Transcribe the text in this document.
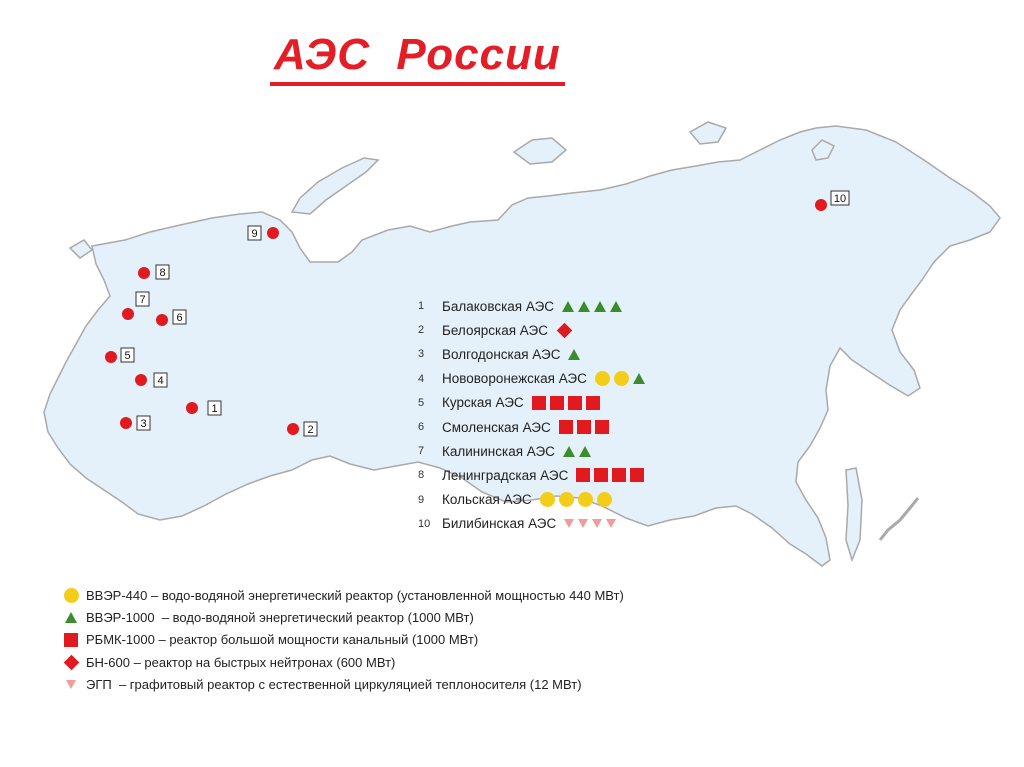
АЭС  России
1
2
3
4
5
6
7
8
9
10
1	Балаковская АЭС
2	Белоярская АЭС
3	Волгодонская АЭС
4	Нововоронежская АЭС
5	Курская АЭС
6	Смоленская АЭС
7	Калининская АЭС
8	Ленинградская АЭС
9	Кольская АЭС
10 Билибинская АЭС
ВВЭР-440 – водо-водяной энергетический реактор (установленной мощностью 440 МВт)
ВВЭР-1000 – водо-водяной энергетический реактор (1000 МВт)
РБМК-1000 – реактор большой мощности канальный (1000 МВт)
БН-600 – реактор на быстрых нейтронах (600 МВт)
ЭГП – графитовый реактор с естественной циркуляцией теплоносителя (12 МВт)
